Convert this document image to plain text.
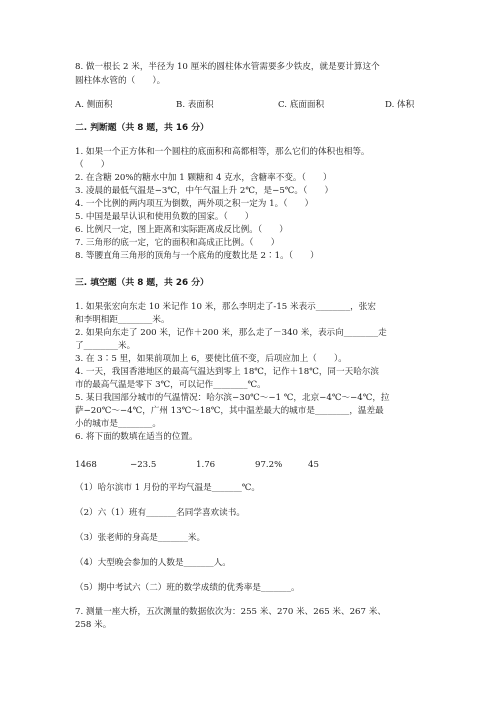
8. 做一根长 2 米，半径为 10 厘米的圆柱体水管需要多少铁皮，就是要计算这个
圆柱体水管的（　　）。
A. 侧面积	B. 表面积	C. 底面面积	D. 体积
二. 判断题（共 8 题，共 16 分）
1. 如果一个正方体和一个圆柱的底面积和高都相等，那么它们的体积也相等。
（　　）
2. 在含糖 20%的糖水中加 1 颗糖和 4 克水，含糖率不变。（　　）
3. 凌晨的最低气温是−3℃，中午气温上升 2℃，是−5℃。（　　）
4. 一个比例的两内项互为倒数，两外项之积一定为 1。（　　）
5. 中国是最早认识和使用负数的国家。（　　）
6. 比例尺一定，图上距离和实际距离成反比例。（　　）
7. 三角形的底一定，它的面积和高成正比例。（　　）
8. 等腰直角三角形的顶角与一个底角的度数比是 2∶1。（　　）
三. 填空题（共 8 题，共 26 分）
1. 如果张宏向东走 10 米记作 10 米，那么李明走了-15 米表示________，张宏
和李明相距________米。
2. 如果向东走了 200 米，记作＋200 米，那么走了－340 米，表示向________走
了________米。
3. 在 3∶5 里，如果前项加上 6，要使比值不变，后项应加上（　　）。
4. 一天，我国香港地区的最高气温达到零上 18℃，记作＋18℃，同一天哈尔滨
市的最高气温是零下 3℃，可以记作________℃。
5. 某日我国部分城市的气温情况：哈尔滨−30℃～−1 ℃，北京−4℃～−4℃，拉
萨−20℃～−4℃，广州 13℃～18℃，其中温差最大的城市是________，温差最
小的城市是________。
6. 将下面的数填在适当的位置。
1468	−23.5	1.76	97.2%	45
（1）哈尔滨市 1 月份的平均气温是_______℃。
（2）六（1）班有_______名同学喜欢读书。
（3）张老师的身高是_______米。
（4）大型晚会参加的人数是_______人。
（5）期中考试六（二）班的数学成绩的优秀率是_______。
7. 测量一座大桥，五次测量的数据依次为：255 米、270 米、265 米、267 米、
258 米。
